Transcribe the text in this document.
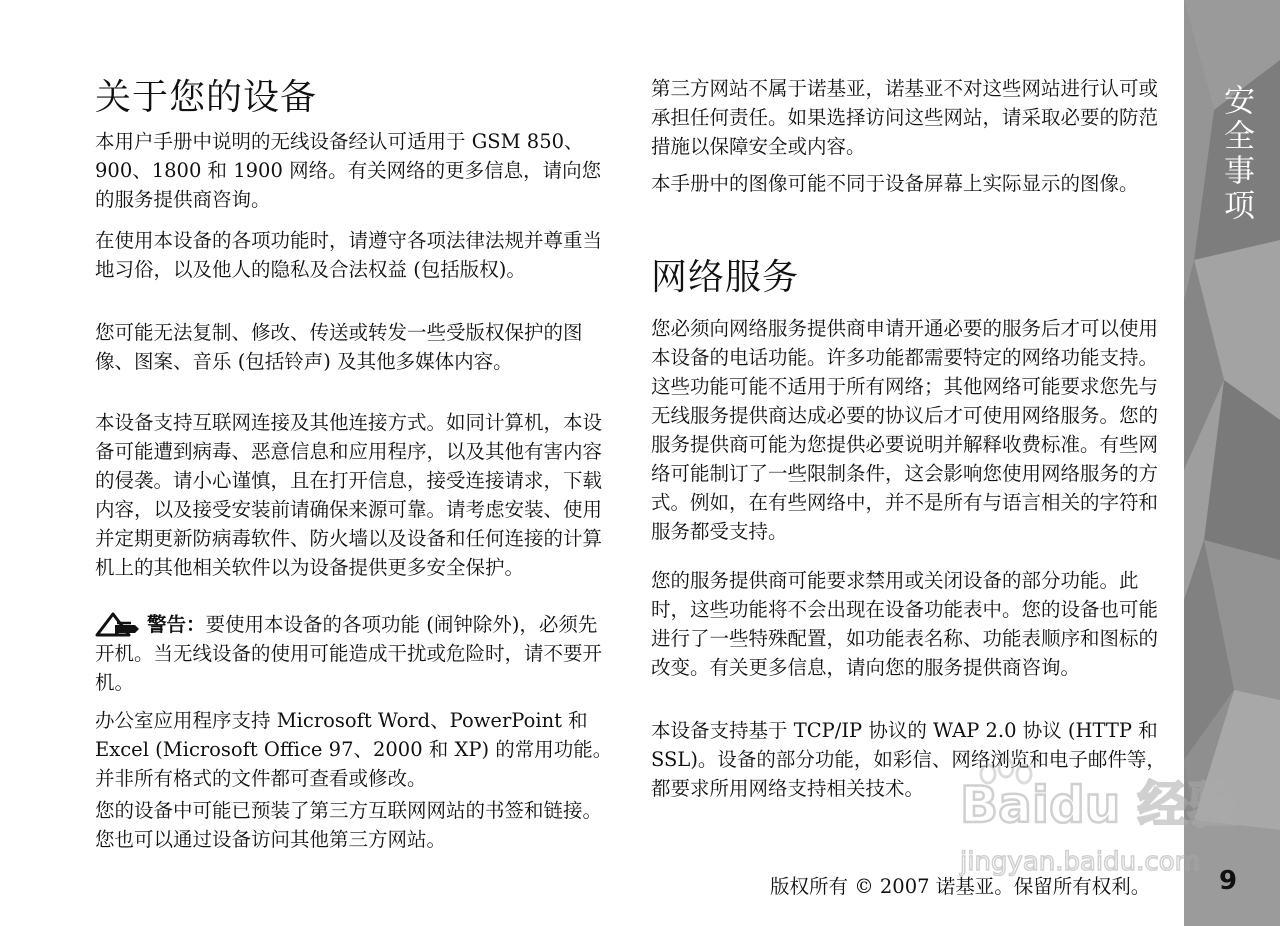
关于您的设备

本用户手册中说明的无线设备经认可适用于 GSM 850、900、1800 和 1900 网络。有关网络的更多信息，请向您的服务提供商咨询。

在使用本设备的各项功能时，请遵守各项法律法规并尊重当地习俗，以及他人的隐私及合法权益 (包括版权)。

您可能无法复制、修改、传送或转发一些受版权保护的图像、图案、音乐 (包括铃声) 及其他多媒体内容。

本设备支持互联网连接及其他连接方式。如同计算机，本设备可能遭到病毒、恶意信息和应用程序，以及其他有害内容的侵袭。请小心谨慎，且在打开信息，接受连接请求，下载内容，以及接受安装前请确保来源可靠。请考虑安装、使用并定期更新防病毒软件、防火墙以及设备和任何连接的计算机上的其他相关软件以为设备提供更多安全保护。

警告：要使用本设备的各项功能 (闹钟除外)，必须先开机。当无线设备的使用可能造成干扰或危险时，请不要开机。

办公室应用程序支持 Microsoft Word、PowerPoint 和 Excel (Microsoft Office 97、2000 和 XP) 的常用功能。并非所有格式的文件都可查看或修改。

您的设备中可能已预装了第三方互联网网站的书签和链接。您也可以通过设备访问其他第三方网站。

第三方网站不属于诺基亚，诺基亚不对这些网站进行认可或承担任何责任。如果选择访问这些网站，请采取必要的防范措施以保障安全或内容。

本手册中的图像可能不同于设备屏幕上实际显示的图像。

网络服务

您必须向网络服务提供商申请开通必要的服务后才可以使用本设备的电话功能。许多功能都需要特定的网络功能支持。这些功能可能不适用于所有网络；其他网络可能要求您先与无线服务提供商达成必要的协议后才可使用网络服务。您的服务提供商可能为您提供必要说明并解释收费标准。有些网络可能制订了一些限制条件，这会影响您使用网络服务的方式。例如，在有些网络中，并不是所有与语言相关的字符和服务都受支持。

您的服务提供商可能要求禁用或关闭设备的部分功能。此时，这些功能将不会出现在设备功能表中。您的设备也可能进行了一些特殊配置，如功能表名称、功能表顺序和图标的改变。有关更多信息，请向您的服务提供商咨询。

本设备支持基于 TCP/IP 协议的 WAP 2.0 协议 (HTTP 和 SSL)。设备的部分功能，如彩信、网络浏览和电子邮件等，都要求所用网络支持相关技术。

安全事项
Baidu 经验
jingyan.baidu.com
版权所有 © 2007 诺基亚。保留所有权利。	9
